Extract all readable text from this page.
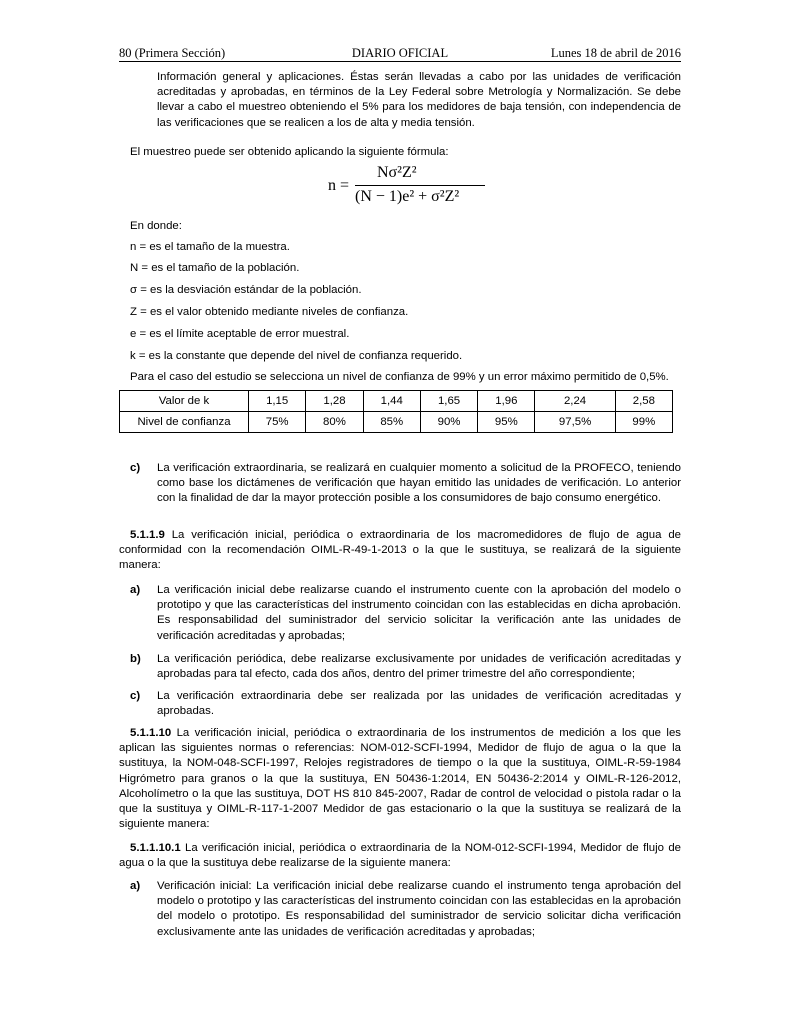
80 (Primera Sección)	DIARIO OFICIAL	Lunes 18 de abril de 2016

Información general y aplicaciones. Éstas serán llevadas a cabo por las unidades de verificación acreditadas y aprobadas, en términos de la Ley Federal sobre Metrología y Normalización. Se debe llevar a cabo el muestreo obteniendo el 5% para los medidores de baja tensión, con independencia de las verificaciones que se realicen a los de alta y media tensión.

El muestreo puede ser obtenido aplicando la siguiente fórmula:

n =
Nσ²Z²
(N − 1)e² + σ²Z²

En donde:

n = es el tamaño de la muestra.

N = es el tamaño de la población.

σ = es la desviación estándar de la población.

Z = es el valor obtenido mediante niveles de confianza.

e = es el límite aceptable de error muestral.

k = es la constante que depende del nivel de confianza requerido.

Para el caso del estudio se selecciona un nivel de confianza de 99% y un error máximo permitido de 0,5%.

Valor de k	1,15	1,28	1,44	1,65	1,96	2,24	2,58
Nivel de confianza	75%	80%	85%	90%	95%	97,5%	99%
c) La verificación extraordinaria, se realizará en cualquier momento a solicitud de la PROFECO, teniendo como base los dictámenes de verificación que hayan emitido las unidades de verificación. Lo anterior con la finalidad de dar la mayor protección posible a los consumidores de bajo consumo energético.

5.1.1.9 La verificación inicial, periódica o extraordinaria de los macromedidores de flujo de agua de conformidad con la recomendación OIML-R-49-1-2013 o la que le sustituya, se realizará de la siguiente manera:

a) La verificación inicial debe realizarse cuando el instrumento cuente con la aprobación del modelo o prototipo y que las características del instrumento coincidan con las establecidas en dicha aprobación. Es responsabilidad del suministrador del servicio solicitar la verificación ante las unidades de verificación acreditadas y aprobadas;

b) La verificación periódica, debe realizarse exclusivamente por unidades de verificación acreditadas y aprobadas para tal efecto, cada dos años, dentro del primer trimestre del año correspondiente;

c) La verificación extraordinaria debe ser realizada por las unidades de verificación acreditadas y aprobadas.

5.1.1.10 La verificación inicial, periódica o extraordinaria de los instrumentos de medición a los que les aplican las siguientes normas o referencias: NOM-012-SCFI-1994, Medidor de flujo de agua o la que la sustituya, la NOM-048-SCFI-1997, Relojes registradores de tiempo o la que la sustituya, OIML-R-59-1984 Higrómetro para granos o la que la sustituya, EN 50436-1:2014, EN 50436-2:2014 y OIML-R-126-2012, Alcoholímetro o la que las sustituya, DOT HS 810 845-2007, Radar de control de velocidad o pistola radar o la que la sustituya y OIML-R-117-1-2007 Medidor de gas estacionario o la que la sustituya se realizará de la siguiente manera:

5.1.1.10.1 La verificación inicial, periódica o extraordinaria de la NOM-012-SCFI-1994, Medidor de flujo de agua o la que la sustituya debe realizarse de la siguiente manera:

a) Verificación inicial: La verificación inicial debe realizarse cuando el instrumento tenga aprobación del modelo o prototipo y las características del instrumento coincidan con las establecidas en la aprobación del modelo o prototipo. Es responsabilidad del suministrador de servicio solicitar dicha verificación exclusivamente ante las unidades de verificación acreditadas y aprobadas;
